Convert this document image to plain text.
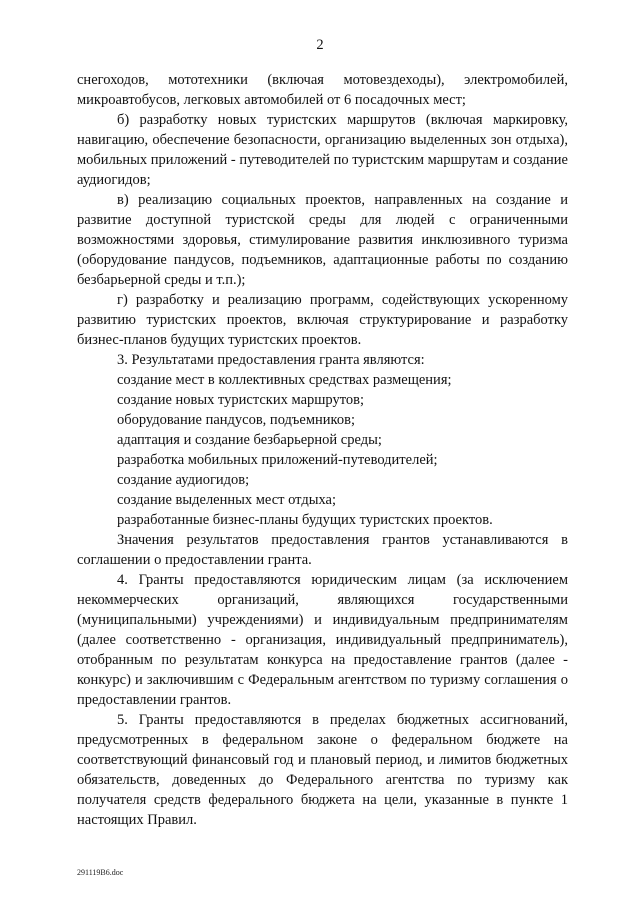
2

снегоходов, мототехники (включая мотовездеходы), электромобилей, микроавтобусов, легковых автомобилей от 6 посадочных мест;

б) разработку новых туристских маршрутов (включая маркировку, навигацию, обеспечение безопасности, организацию выделенных зон отдыха), мобильных приложений - путеводителей по туристским маршрутам и создание аудиогидов;

в) реализацию социальных проектов, направленных на создание и развитие доступной туристской среды для людей с ограниченными возможностями здоровья, стимулирование развития инклюзивного туризма (оборудование пандусов, подъемников, адаптационные работы по созданию безбарьерной среды и т.п.);

г) разработку и реализацию программ, содействующих ускоренному развитию туристских проектов, включая структурирование и разработку бизнес-планов будущих туристских проектов.

3. Результатами предоставления гранта являются:

создание мест в коллективных средствах размещения;

создание новых туристских маршрутов;

оборудование пандусов, подъемников;

адаптация и создание безбарьерной среды;

разработка мобильных приложений-путеводителей;

создание аудиогидов;

создание выделенных мест отдыха;

разработанные бизнес-планы будущих туристских проектов.

Значения результатов предоставления грантов устанавливаются в соглашении о предоставлении гранта.

4. Гранты предоставляются юридическим лицам (за исключением некоммерческих организаций, являющихся государственными (муниципальными) учреждениями) и индивидуальным предпринимателям (далее соответственно - организация, индивидуальный предприниматель), отобранным по результатам конкурса на предоставление грантов (далее - конкурс) и заключившим с Федеральным агентством по туризму соглашения о предоставлении грантов.

5. Гранты предоставляются в пределах бюджетных ассигнований, предусмотренных в федеральном законе о федеральном бюджете на соответствующий финансовый год и плановый период, и лимитов бюджетных обязательств, доведенных до Федерального агентства по туризму как получателя средств федерального бюджета на цели, указанные в пункте 1 настоящих Правил.

291119В6.doc
